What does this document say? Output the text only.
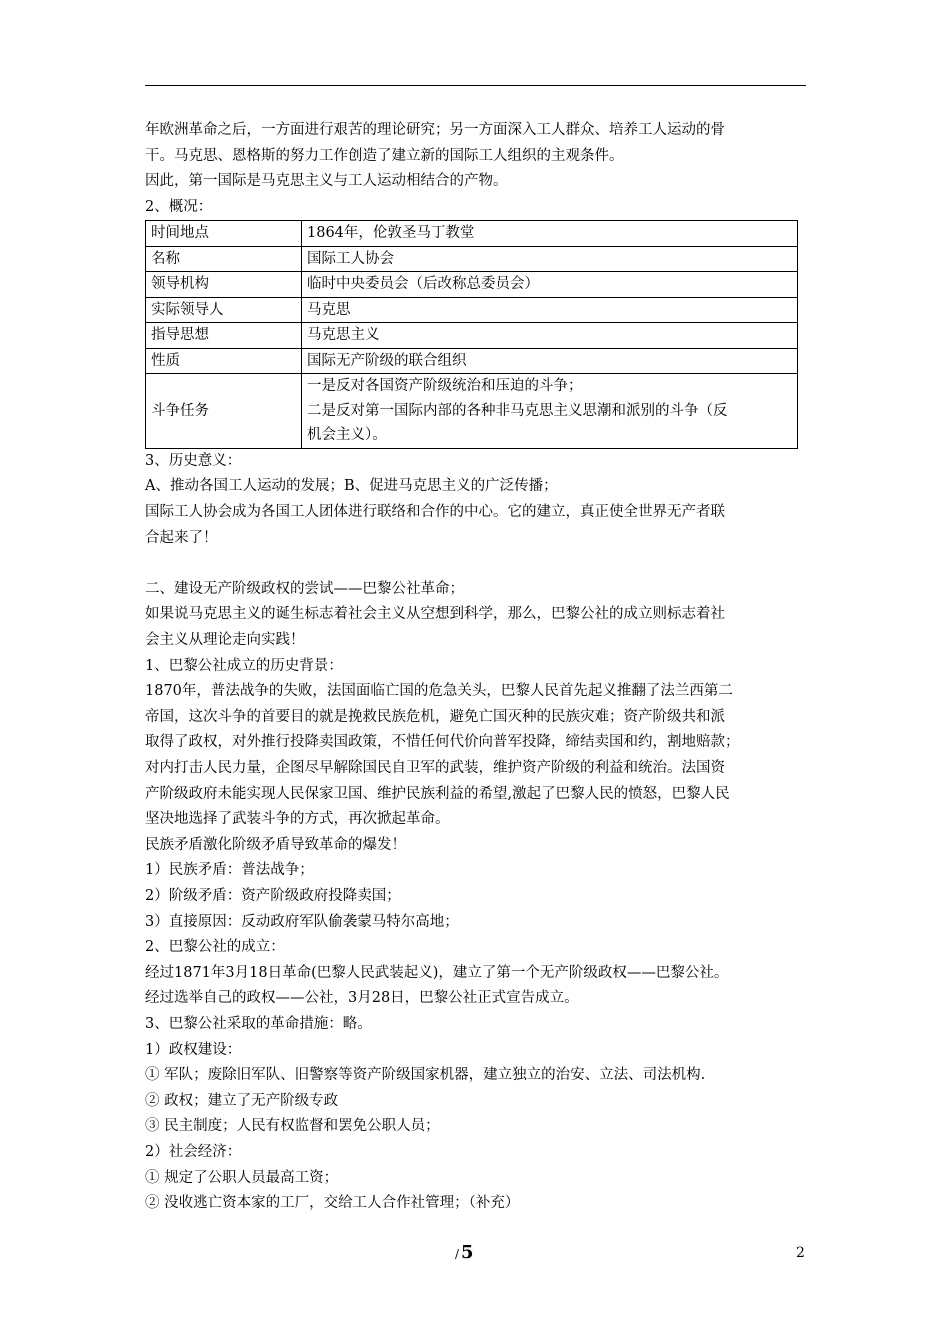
年欧洲革命之后，一方面进行艰苦的理论研究；另一方面深入工人群众、培养工人运动的骨

干。马克思、恩格斯的努力工作创造了建立新的国际工人组织的主观条件。

因此，第一国际是马克思主义与工人运动相结合的产物。

2、概况：

时间地点	1864年，伦敦圣马丁教堂
名称	国际工人协会
领导机构	临时中央委员会（后改称总委员会）
实际领导人	马克思
指导思想	马克思主义
性质	国际无产阶级的联合组织
斗争任务	一是反对各国资产阶级统治和压迫的斗争；
二是反对第一国际内部的各种非马克思主义思潮和派别的斗争（反
机会主义）。

3、历史意义：

A、推动各国工人运动的发展；B、促进马克思主义的广泛传播；

国际工人协会成为各国工人团体进行联络和合作的中心。它的建立，真正使全世界无产者联

合起来了！

二、建设无产阶级政权的尝试——巴黎公社革命；

如果说马克思主义的诞生标志着社会主义从空想到科学，那么，巴黎公社的成立则标志着社

会主义从理论走向实践！

1、巴黎公社成立的历史背景：

1870年，普法战争的失败，法国面临亡国的危急关头，巴黎人民首先起义推翻了法兰西第二

帝国，这次斗争的首要目的就是挽救民族危机，避免亡国灭种的民族灾难；资产阶级共和派

取得了政权，对外推行投降卖国政策，不惜任何代价向普军投降，缔结卖国和约，割地赔款；

对内打击人民力量，企图尽早解除国民自卫军的武装，维护资产阶级的利益和统治。法国资

产阶级政府未能实现人民保家卫国、维护民族利益的希望,激起了巴黎人民的愤怒，巴黎人民

坚决地选择了武装斗争的方式，再次掀起革命。

民族矛盾激化阶级矛盾导致革命的爆发！

1）民族矛盾：普法战争；

2）阶级矛盾：资产阶级政府投降卖国；

3）直接原因：反动政府军队偷袭蒙马特尔高地；

2、巴黎公社的成立：

经过1871年3月18日革命(巴黎人民武装起义)，建立了第一个无产阶级政权——巴黎公社。

经过选举自己的政权——公社，3月28日，巴黎公社正式宣告成立。

3、巴黎公社采取的革命措施：略。

1）政权建设：

① 军队；废除旧军队、旧警察等资产阶级国家机器，建立独立的治安、立法、司法机构.

② 政权；建立了无产阶级专政

③ 民主制度；人民有权监督和罢免公职人员；

2）社会经济：

① 规定了公职人员最高工资；

② 没收逃亡资本家的工厂，交给工人合作社管理；（补充）

/ 5	2
